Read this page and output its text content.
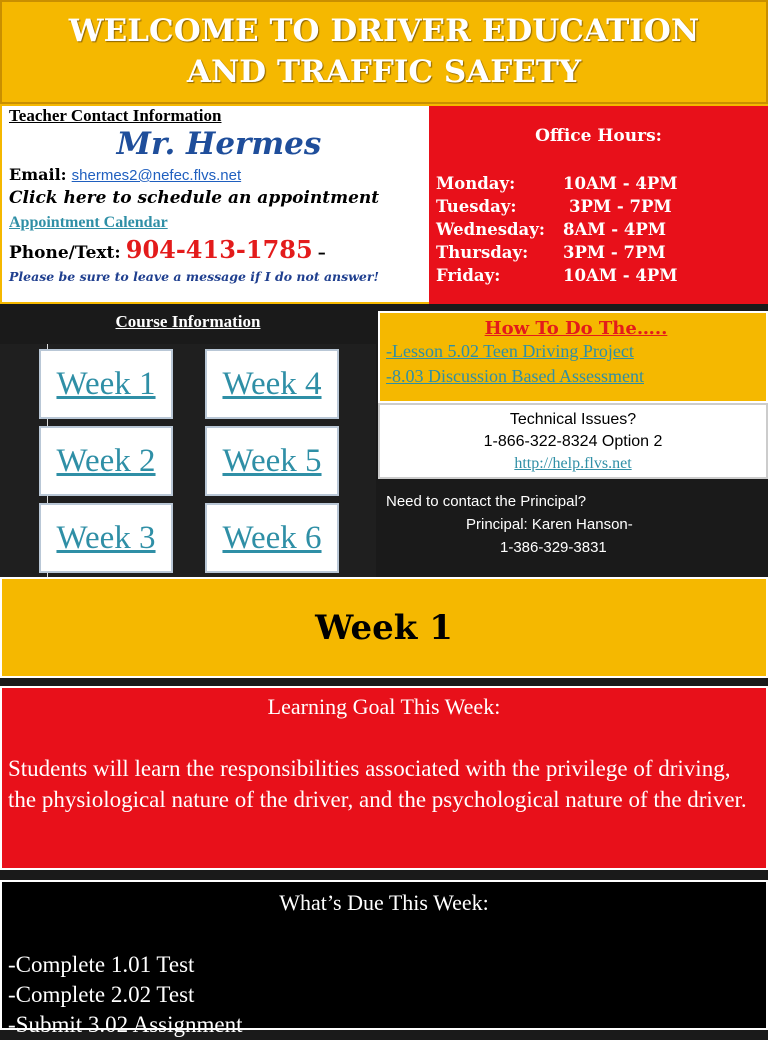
WELCOME TO DRIVER EDUCATION
AND TRAFFIC SAFETY
Teacher Contact Information
Mr. Hermes
Email: shermes2@nefec.flvs.net
Click here to schedule an appointment
Appointment Calendar
Phone/Text: 904-413-1785 –
Please be sure to leave a message if I do not answer!
Office Hours:
Monday:	10AM - 4PM
Tuesday:	3PM - 7PM
Wednesday:	8AM - 4PM
Thursday:	3PM - 7PM
Friday:	10AM - 4PM
Course Information
Week 1
Week 2
Week 3
Week 4
Week 5
Week 6
How To Do The…..
-Lesson 5.02 Teen Driving Project
-8.03 Discussion Based Assessment
Technical Issues?
1-866-322-8324 Option 2
http://help.flvs.net
Need to contact the Principal?
Principal: Karen Hanson-
1-386-329-3831
Week 1
Learning Goal This Week:
Students will learn the responsibilities associated with the privilege of driving, the physiological nature of the driver, and the psychological nature of the driver.
What’s Due This Week:
-Complete 1.01 Test
-Complete 2.02 Test
-Submit 3.02 Assignment
